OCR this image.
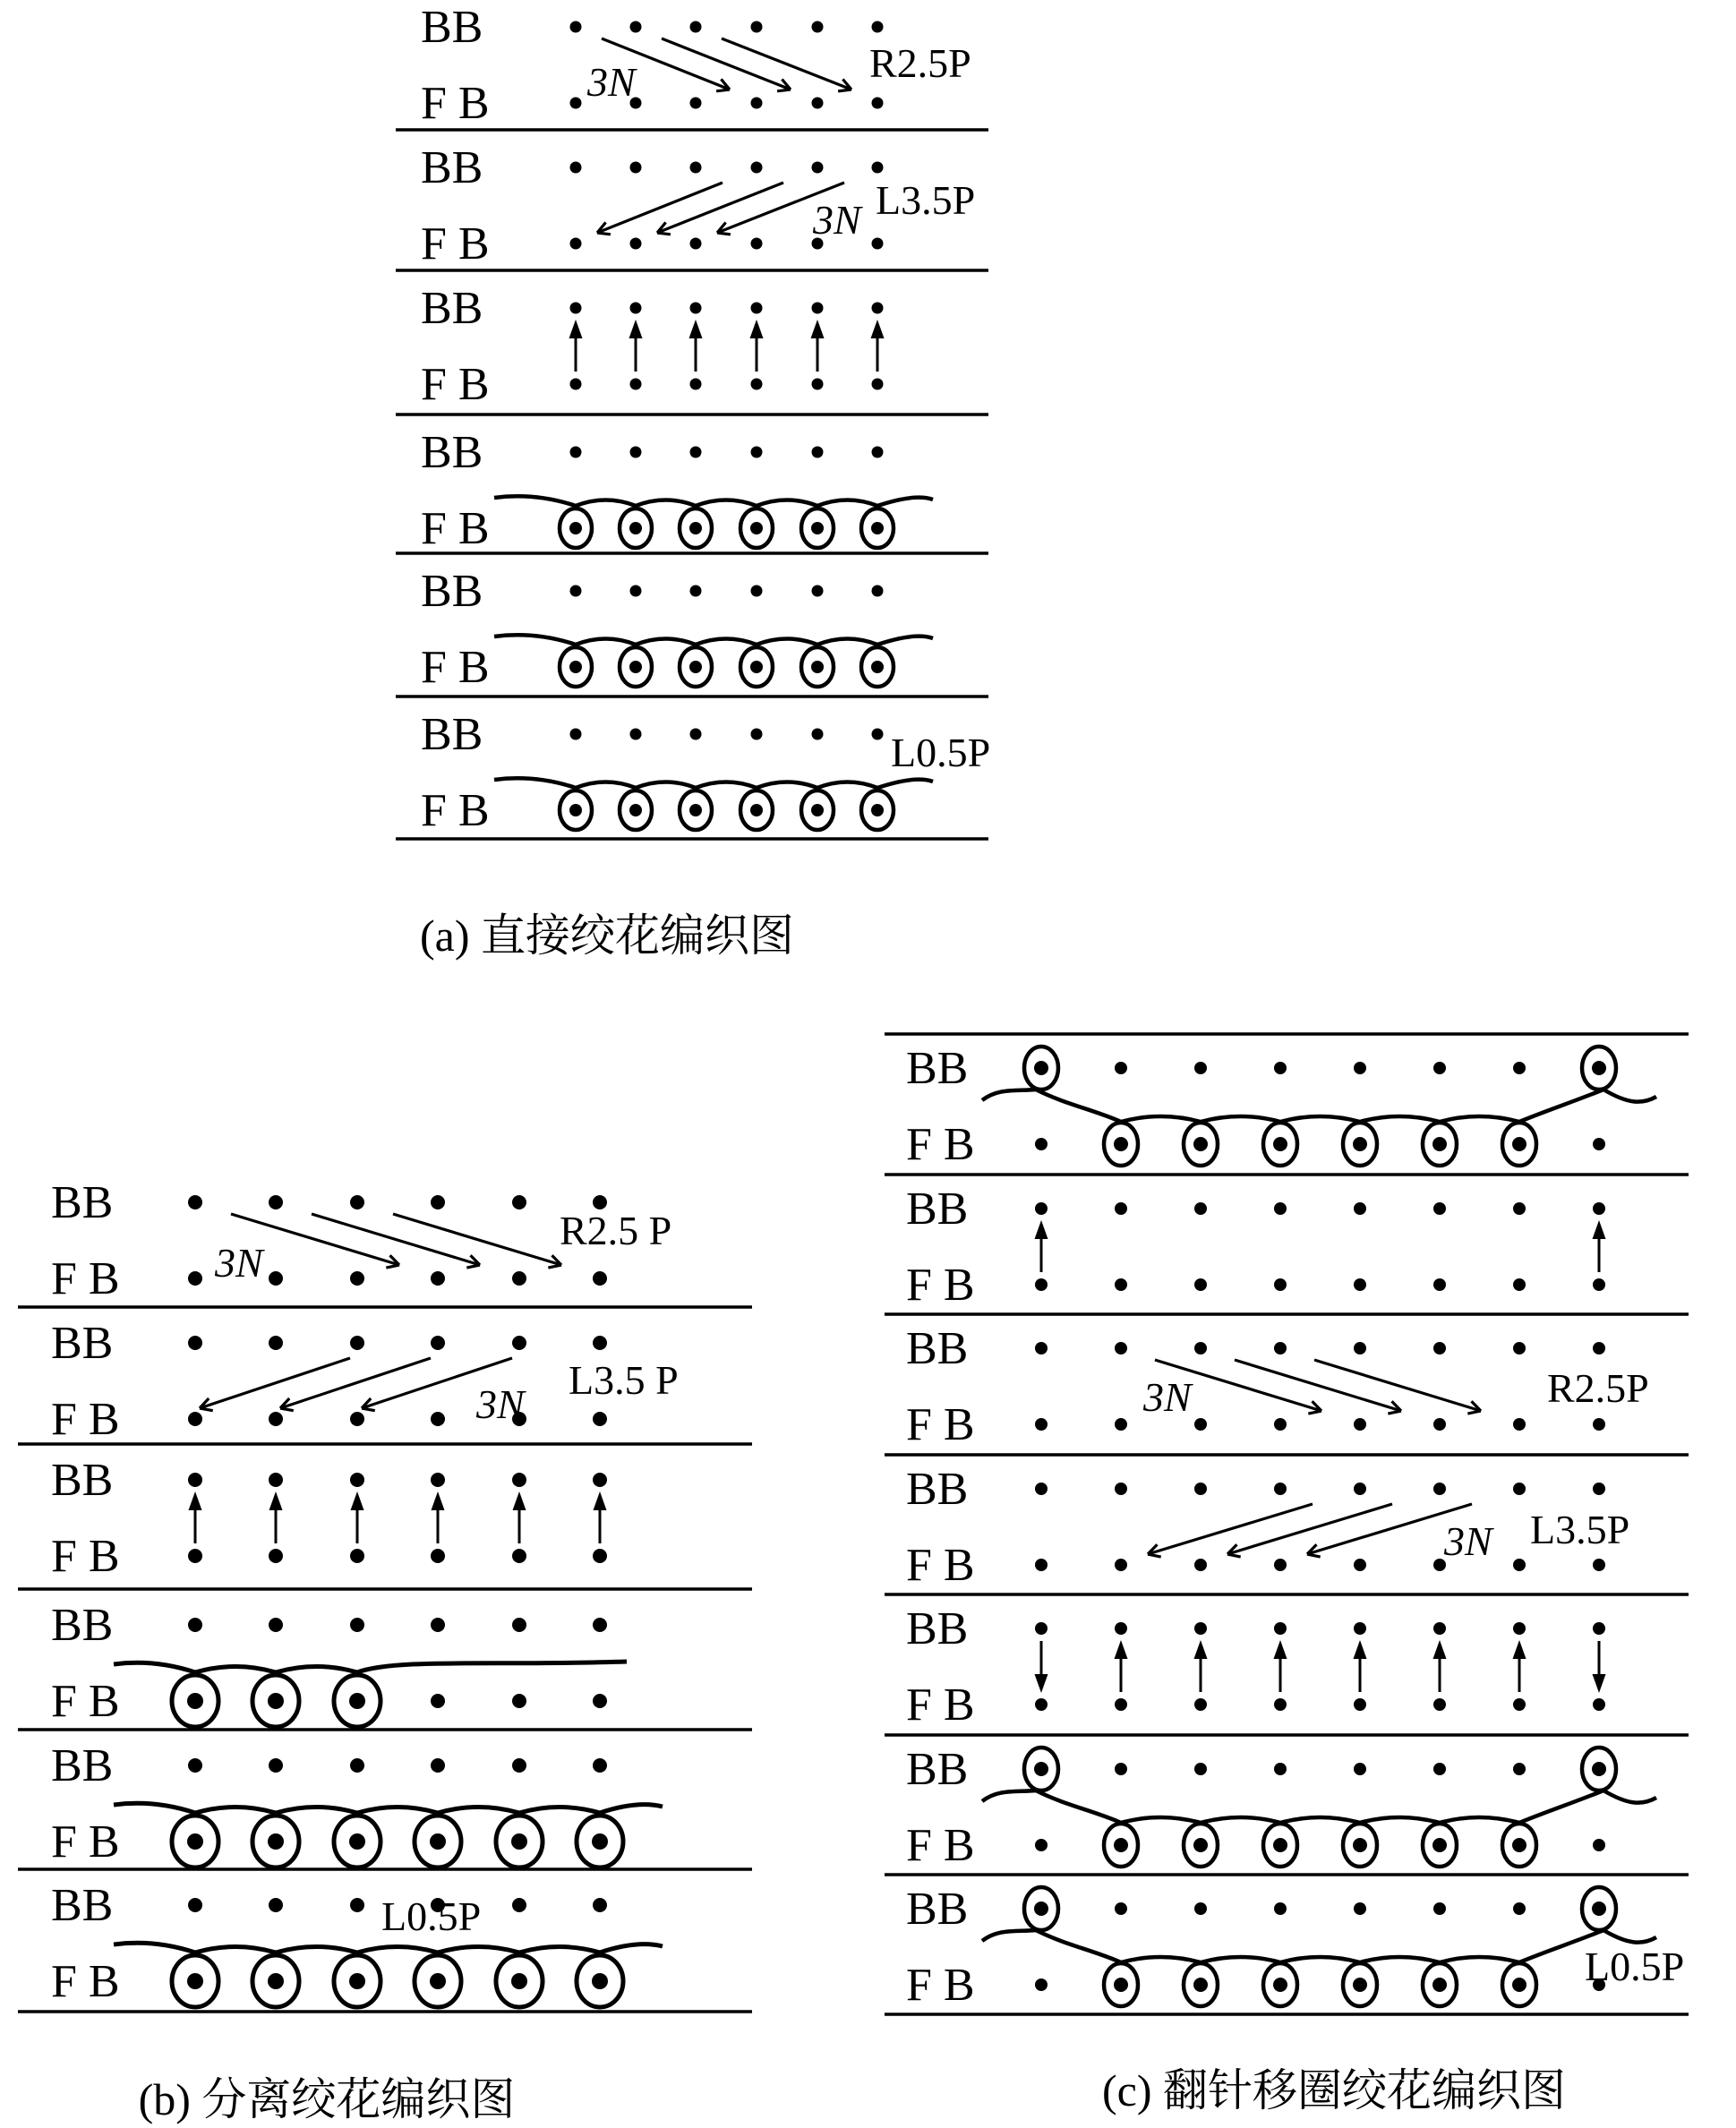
BB
F B 3N	R2.5P
BB
F B	3N L3.5P
BB
F B
BB
F B
BB
F B
BB
F B
L0.5P
(a) 直接绞花编织图
BB
F B 3N
R2.5 P
BB
F B	3N
L3.5 P
BB
F B
BB
F B
BB
F B
BB
F B
L0.5P
(b) 分离绞花编织图
BB
F B
BB
F B
BB
F B
3N	R2.5P
BB
F B	3N L3.5P
BB
F B
BB
F B
BB
F B	L0.5P
(c) 翻针移圈绞花编织图
